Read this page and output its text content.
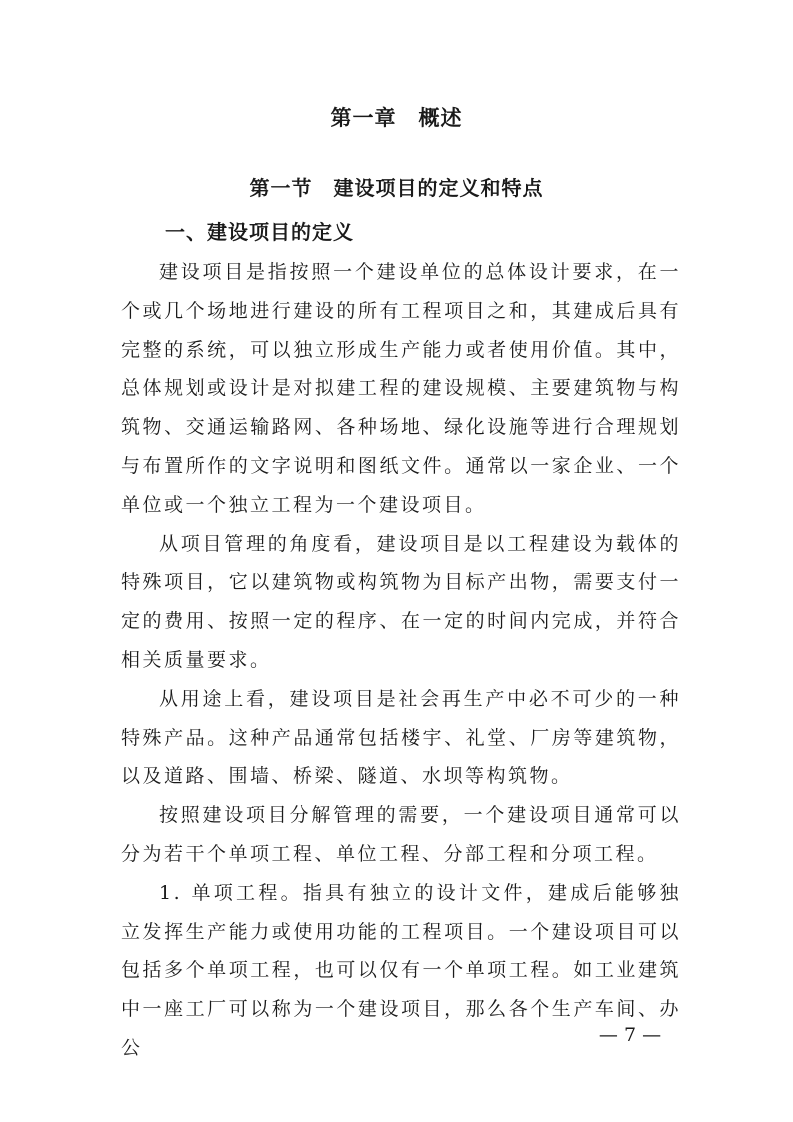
第一章　概述
第一节　建设项目的定义和特点
一、建设项目的定义

建设项目是指按照一个建设单位的总体设计要求，在一个或几个场地进行建设的所有工程项目之和，其建成后具有完整的系统，可以独立形成生产能力或者使用价值。其中，总体规划或设计是对拟建工程的建设规模、主要建筑物与构筑物、交通运输路网、各种场地、绿化设施等进行合理规划与布置所作的文字说明和图纸文件。通常以一家企业、一个单位或一个独立工程为一个建设项目。

从项目管理的角度看，建设项目是以工程建设为载体的特殊项目，它以建筑物或构筑物为目标产出物，需要支付一定的费用、按照一定的程序、在一定的时间内完成，并符合相关质量要求。

从用途上看，建设项目是社会再生产中必不可少的一种特殊产品。这种产品通常包括楼宇、礼堂、厂房等建筑物，以及道路、围墙、桥梁、隧道、水坝等构筑物。

按照建设项目分解管理的需要，一个建设项目通常可以分为若干个单项工程、单位工程、分部工程和分项工程。

1. 单项工程。指具有独立的设计文件，建成后能够独立发挥生产能力或使用功能的工程项目。一个建设项目可以包括多个单项工程，也可以仅有一个单项工程。如工业建筑中一座工厂可以称为一个建设项目，那么各个生产车间、办公

— 7 —
